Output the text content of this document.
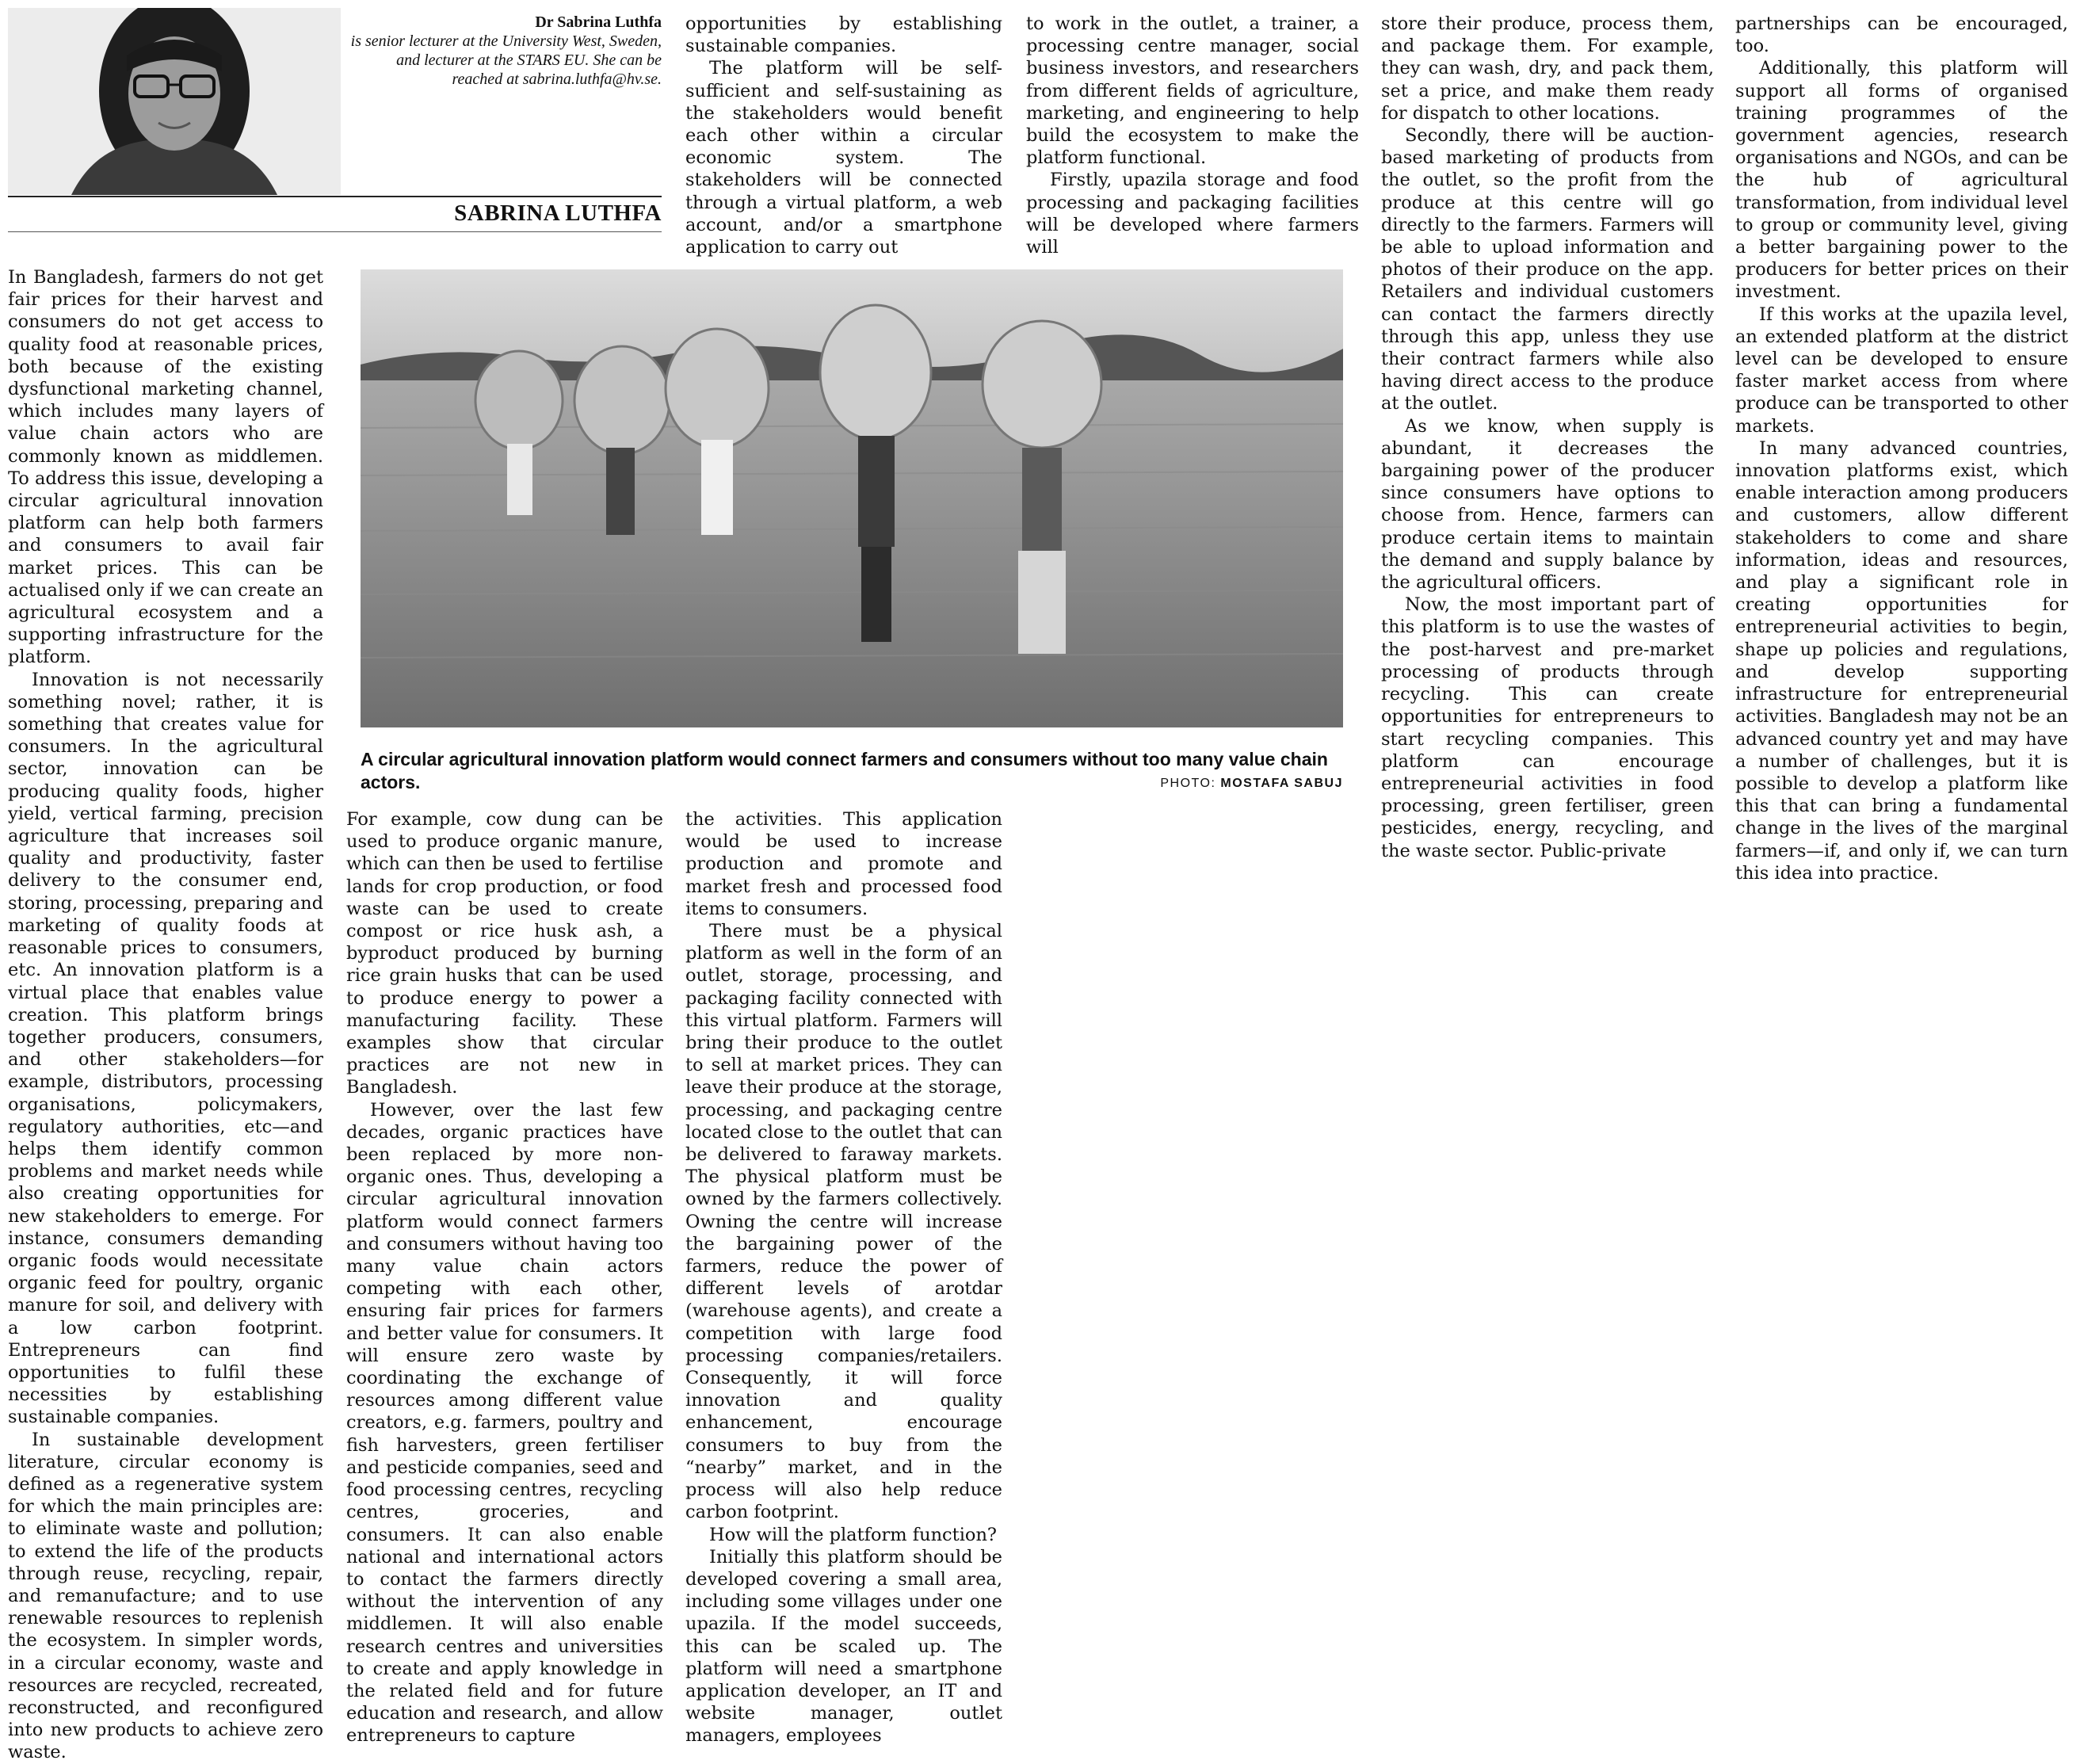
Dr Sabrina Luthfa
is senior lecturer at the University West, Sweden, and lecturer at the STARS EU. She can be reached at sabrina.luthfa@hv.se.
SABRINA LUTHFA

In Bangladesh, farmers do not get fair prices for their harvest and consumers do not get access to quality food at reasonable prices, both because of the existing dysfunctional marketing channel, which includes many layers of value chain actors who are commonly known as middlemen. To address this issue, developing a circular agricultural innovation platform can help both farmers and consumers to avail fair market prices. This can be actualised only if we can create an agricultural ecosystem and a supporting infrastructure for the platform.

Innovation is not necessarily something novel; rather, it is something that creates value for consumers. In the agricultural sector, innovation can be producing quality foods, higher yield, vertical farming, precision agriculture that increases soil quality and productivity, faster delivery to the consumer end, storing, processing, preparing and marketing of quality foods at reasonable prices to consumers, etc. An innovation platform is a virtual place that enables value creation. This platform brings together producers, consumers, and other stakeholders—for example, distributors, processing organisations, policymakers, regulatory authorities, etc—and helps them identify common problems and market needs while also creating opportunities for new stakeholders to emerge. For instance, consumers demanding organic foods would necessitate organic feed for poultry, organic manure for soil, and delivery with a low carbon footprint. Entrepreneurs can find opportunities to fulfil these necessities by establishing sustainable companies.

In sustainable development literature, circular economy is defined as a regenerative system for which the main principles are: to eliminate waste and pollution; to extend the life of the products through reuse, recycling, repair, and remanufacture; and to use renewable resources to replenish the ecosystem. In simpler words, in a circular economy, waste and resources are recycled, recreated, reconstructed, and reconfigured into new products to achieve zero waste.

For example, cow dung can be used to produce organic manure, which can then be used to fertilise lands for crop production, or food waste can be used to create compost or rice husk ash, a byproduct produced by burning rice grain husks that can be used to produce energy to power a manufacturing facility. These examples show that circular practices are not new in Bangladesh.

However, over the last few decades, organic practices have been replaced by more non-organic ones. Thus, developing a circular agricultural innovation platform would connect farmers and consumers without having too many value chain actors competing with each other, ensuring fair prices for farmers and better value for consumers. It will ensure zero waste by coordinating the exchange of resources among different value creators, e.g. farmers, poultry and fish harvesters, green fertiliser and pesticide companies, seed and food processing centres, recycling centres, groceries, and consumers. It can also enable national and international actors to contact the farmers directly without the intervention of any middlemen. It will also enable research centres and universities to create and apply knowledge in the related field and for future education and research, and allow entrepreneurs to capture

opportunities by establishing sustainable companies.

The platform will be self-sufficient and self-sustaining as the stakeholders would benefit each other within a circular economic system. The stakeholders will be connected through a virtual platform, a web account, and/or a smartphone application to carry out

the activities. This application would be used to increase production and promote and market fresh and processed food items to consumers.

There must be a physical platform as well in the form of an outlet, storage, processing, and packaging facility connected with this virtual platform. Farmers will bring their produce to the outlet to sell at market prices. They can leave their produce at the storage, processing, and packaging centre located close to the outlet that can be delivered to faraway markets. The physical platform must be owned by the farmers collectively. Owning the centre will increase the bargaining power of the farmers, reduce the power of different levels of arotdar (warehouse agents), and create a competition with large food processing companies/retailers. Consequently, it will force innovation and quality enhancement, encourage consumers to buy from the “nearby” market, and in the process will also help reduce carbon footprint.

How will the platform function?

Initially this platform should be developed covering a small area, including some villages under one upazila. If the model succeeds, this can be scaled up. The platform will need a smartphone application developer, an IT and website manager, outlet managers, employees

to work in the outlet, a trainer, a processing centre manager, social business investors, and researchers from different fields of agriculture, marketing, and engineering to help build the ecosystem to make the platform functional.

Firstly, upazila storage and food processing and packaging facilities will be developed where farmers will

store their produce, process them, and package them. For example, they can wash, dry, and pack them, set a price, and make them ready for dispatch to other locations.

Secondly, there will be auction-based marketing of products from the outlet, so the profit from the produce at this centre will go directly to the farmers. Farmers will be able to upload information and photos of their produce on the app. Retailers and individual customers can contact the farmers directly through this app, unless they use their contract farmers while also having direct access to the produce at the outlet.

As we know, when supply is abundant, it decreases the bargaining power of the producer since consumers have options to choose from. Hence, farmers can produce certain items to maintain the demand and supply balance by the agricultural officers.

Now, the most important part of this platform is to use the wastes of the post-harvest and pre-market processing of products through recycling. This can create opportunities for entrepreneurs to start recycling companies. This platform can encourage entrepreneurial activities in food processing, green fertiliser, green pesticides, energy, recycling, and the waste sector. Public-private

partnerships can be encouraged, too.

Additionally, this platform will support all forms of organised training programmes of the government agencies, research organisations and NGOs, and can be the hub of agricultural transformation, from individual level to group or community level, giving a better bargaining power to the producers for better prices on their investment.

If this works at the upazila level, an extended platform at the district level can be developed to ensure faster market access from where produce can be transported to other markets.

In many advanced countries, innovation platforms exist, which enable interaction among producers and customers, allow different stakeholders to come and share information, ideas and resources, and play a significant role in creating opportunities for entrepreneurial activities to begin, shape up policies and regulations, and develop supporting infrastructure for entrepreneurial activities. Bangladesh may not be an advanced country yet and may have a number of challenges, but it is possible to develop a platform like this that can bring a fundamental change in the lives of the marginal farmers—if, and only if, we can turn this idea into practice.

A circular agricultural innovation platform would connect farmers and consumers without too many value chain actors.	PHOTO: MOSTAFA SABUJ
